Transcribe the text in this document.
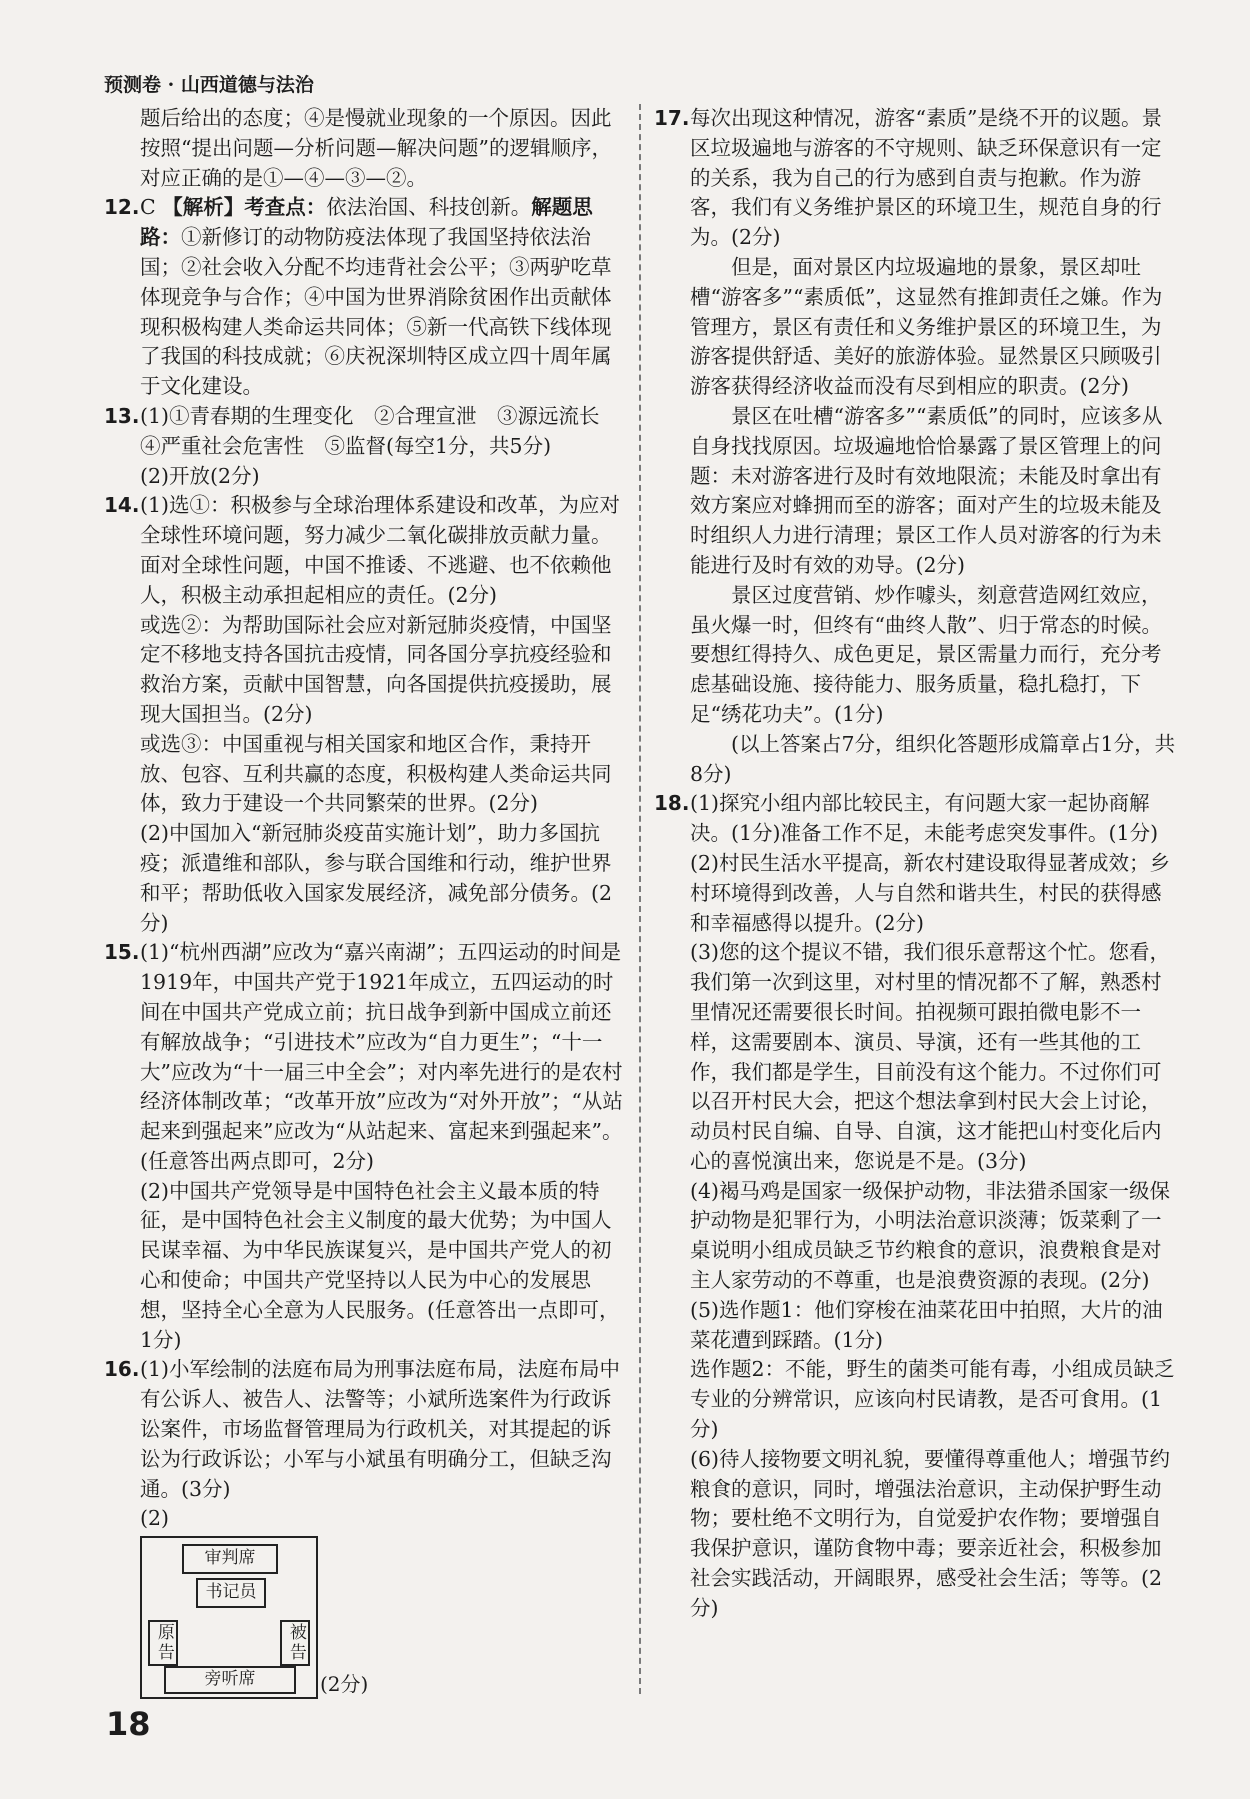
预测卷 · 山西道德与法治

题后给出的态度；④是慢就业现象的一个原因。因此按照“提出问题—分析问题—解决问题”的逻辑顺序，对应正确的是①—④—③—②。

12. C 【解析】考查点：依法治国、科技创新。解题思路：①新修订的动物防疫法体现了我国坚持依法治国；②社会收入分配不均违背社会公平；③两驴吃草体现竞争与合作；④中国为世界消除贫困作出贡献体现积极构建人类命运共同体；⑤新一代高铁下线体现了我国的科技成就；⑥庆祝深圳特区成立四十周年属于文化建设。
13. (1)①青春期的生理变化　②合理宣泄　③源远流长

④严重社会危害性　⑤监督(每空1分，共5分)

(2)开放(2分)

14. (1)选①：积极参与全球治理体系建设和改革，为应对全球性环境问题，努力减少二氧化碳排放贡献力量。面对全球性问题，中国不推诿、不逃避、也不依赖他人，积极主动承担起相应的责任。(2分)

或选②：为帮助国际社会应对新冠肺炎疫情，中国坚定不移地支持各国抗击疫情，同各国分享抗疫经验和救治方案，贡献中国智慧，向各国提供抗疫援助，展现大国担当。(2分)

或选③：中国重视与相关国家和地区合作，秉持开放、包容、互利共赢的态度，积极构建人类命运共同体，致力于建设一个共同繁荣的世界。(2分)

(2)中国加入“新冠肺炎疫苗实施计划”，助力多国抗疫；派遣维和部队，参与联合国维和行动，维护世界和平；帮助低收入国家发展经济，减免部分债务。(2分)

15. (1)“杭州西湖”应改为“嘉兴南湖”；五四运动的时间是1919年，中国共产党于1921年成立，五四运动的时间在中国共产党成立前；抗日战争到新中国成立前还有解放战争；“引进技术”应改为“自力更生”；“十一大”应改为“十一届三中全会”；对内率先进行的是农村经济体制改革；“改革开放”应改为“对外开放”；“从站起来到强起来”应改为“从站起来、富起来到强起来”。

(任意答出两点即可，2分)

(2)中国共产党领导是中国特色社会主义最本质的特征，是中国特色社会主义制度的最大优势；为中国人民谋幸福、为中华民族谋复兴，是中国共产党人的初心和使命；中国共产党坚持以人民为中心的发展思想，坚持全心全意为人民服务。(任意答出一点即可，1分)

16. (1)小军绘制的法庭布局为刑事法庭布局，法庭布局中有公诉人、被告人、法警等；小斌所选案件为行政诉讼案件，市场监督管理局为行政机关，对其提起的诉讼为行政诉讼；小军与小斌虽有明确分工，但缺乏沟通。(3分)

(2)

审判席
书记员
原告	被告
旁听席	(2分)
17. 每次出现这种情况，游客“素质”是绕不开的议题。景区垃圾遍地与游客的不守规则、缺乏环保意识有一定的关系，我为自己的行为感到自责与抱歉。作为游客，我们有义务维护景区的环境卫生，规范自身的行为。(2分)

但是，面对景区内垃圾遍地的景象，景区却吐槽“游客多”“素质低”，这显然有推卸责任之嫌。作为管理方，景区有责任和义务维护景区的环境卫生，为游客提供舒适、美好的旅游体验。显然景区只顾吸引游客获得经济收益而没有尽到相应的职责。(2分)

景区在吐槽“游客多”“素质低”的同时，应该多从自身找找原因。垃圾遍地恰恰暴露了景区管理上的问题：未对游客进行及时有效地限流；未能及时拿出有效方案应对蜂拥而至的游客；面对产生的垃圾未能及时组织人力进行清理；景区工作人员对游客的行为未能进行及时有效的劝导。(2分)

景区过度营销、炒作噱头，刻意营造网红效应，虽火爆一时，但终有“曲终人散”、归于常态的时候。要想红得持久、成色更足，景区需量力而行，充分考虑基础设施、接待能力、服务质量，稳扎稳打，下足“绣花功夫”。(1分)

(以上答案占7分，组织化答题形成篇章占1分，共8分)

18. (1)探究小组内部比较民主，有问题大家一起协商解决。(1分)准备工作不足，未能考虑突发事件。(1分)

(2)村民生活水平提高，新农村建设取得显著成效；乡村环境得到改善，人与自然和谐共生，村民的获得感和幸福感得以提升。(2分)

(3)您的这个提议不错，我们很乐意帮这个忙。您看，我们第一次到这里，对村里的情况都不了解，熟悉村里情况还需要很长时间。拍视频可跟拍微电影不一样，这需要剧本、演员、导演，还有一些其他的工作，我们都是学生，目前没有这个能力。不过你们可以召开村民大会，把这个想法拿到村民大会上讨论，动员村民自编、自导、自演，这才能把山村变化后内心的喜悦演出来，您说是不是。(3分)

(4)褐马鸡是国家一级保护动物，非法猎杀国家一级保护动物是犯罪行为，小明法治意识淡薄；饭菜剩了一桌说明小组成员缺乏节约粮食的意识，浪费粮食是对主人家劳动的不尊重，也是浪费资源的表现。(2分)

(5)选作题1：他们穿梭在油菜花田中拍照，大片的油菜花遭到踩踏。(1分)

选作题2：不能，野生的菌类可能有毒，小组成员缺乏专业的分辨常识，应该向村民请教，是否可食用。(1分)

(6)待人接物要文明礼貌，要懂得尊重他人；增强节约粮食的意识，同时，增强法治意识，主动保护野生动物；要杜绝不文明行为，自觉爱护农作物；要增强自我保护意识，谨防食物中毒；要亲近社会，积极参加社会实践活动，开阔眼界，感受社会生活；等等。(2分)

18
